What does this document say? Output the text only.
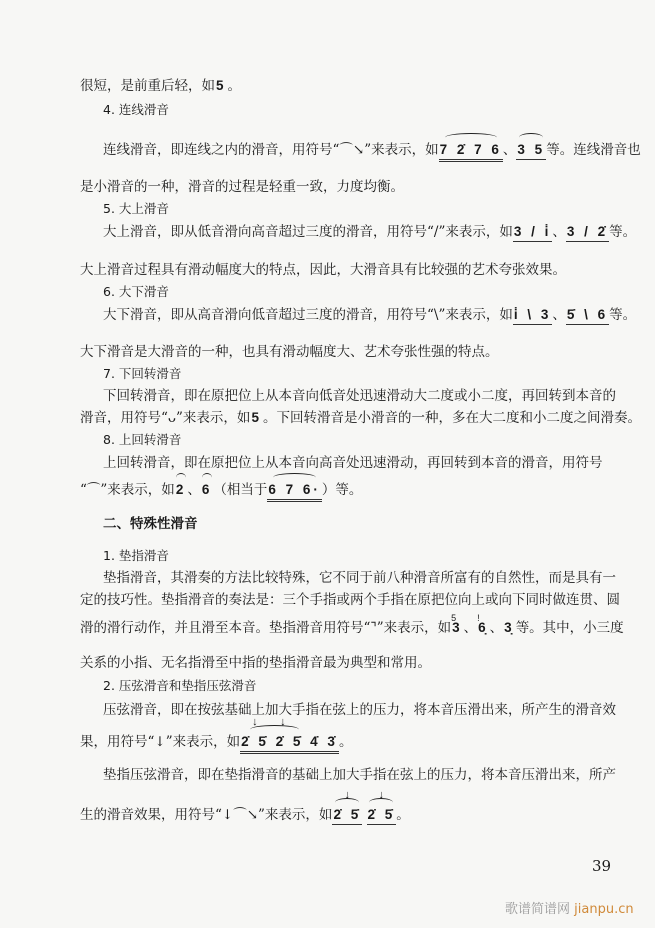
很短，是前重后轻，如5。
4. 连线滑音
连线滑音，即连线之内的滑音，用符号“⌒↘”来表示，如
7 2̇ 7 6、
3 5等。连线滑音也
是小滑音的一种，滑音的过程是轻重一致，力度均衡。
5. 大上滑音
大上滑音，即从低音滑向高音超过三度的滑音，用符号“/”来表示，如3 / i̇、3 / 2̇等。
大上滑音过程具有滑动幅度大的特点，因此，大滑音具有比较强的艺术夸张效果。
6. 大下滑音
大下滑音，即从高音滑向低音超过三度的滑音，用符号“\”来表示，如i̇ \ 3、5̇ \ 6等。
大下滑音是大滑音的一种，也具有滑动幅度大、艺术夸张性强的特点。
7. 下回转滑音
下回转滑音，即在原把位上从本音向低音处迅速滑动大二度或小二度，再回转到本音的
滑音，用符号“ᴗ”来表示，如5。下回转滑音是小滑音的一种，多在大二度和小二度之间滑奏。
8. 上回转滑音
上回转滑音，即在原把位上从本音向高音处迅速滑动，再回转到本音的滑音，用符号
“⌒”来表示，如
2、
6（相当于
6 7 6·）等。
二、特殊性滑音
1. 垫指滑音
垫指滑音，其滑奏的方法比较特殊，它不同于前八种滑音所富有的自然性，而是具有一
定的技巧性。垫指滑音的奏法是：三个手指或两个手指在原把位向上或向下同时做连贯、圆
滑的滑行动作，并且滑至本音。垫指滑音用符号“⌝”来表示，如
5
3、
!
6̣、3̣等。其中，小三度
关系的小指、无名指滑至中指的垫指滑音最为典型和常用。
2. 压弦滑音和垫指压弦滑音
压弦滑音，即在按弦基础上加大手指在弦上的压力，将本音压滑出来，所产生的滑音效
果，用符号“↓”来表示，如
↓ ↓
2̇ 5̇ 2̇ 5̇ 4̇ 3̇。
垫指压弦滑音，即在垫指滑音的基础上加大手指在弦上的压力，将本音压滑出来，所产
生的滑音效果，用符号“↓⌒↘”来表示，如
↓
2̇ 5̇
↓
2̇ 5̇。
39
歌谱简谱网 jianpu.cn
